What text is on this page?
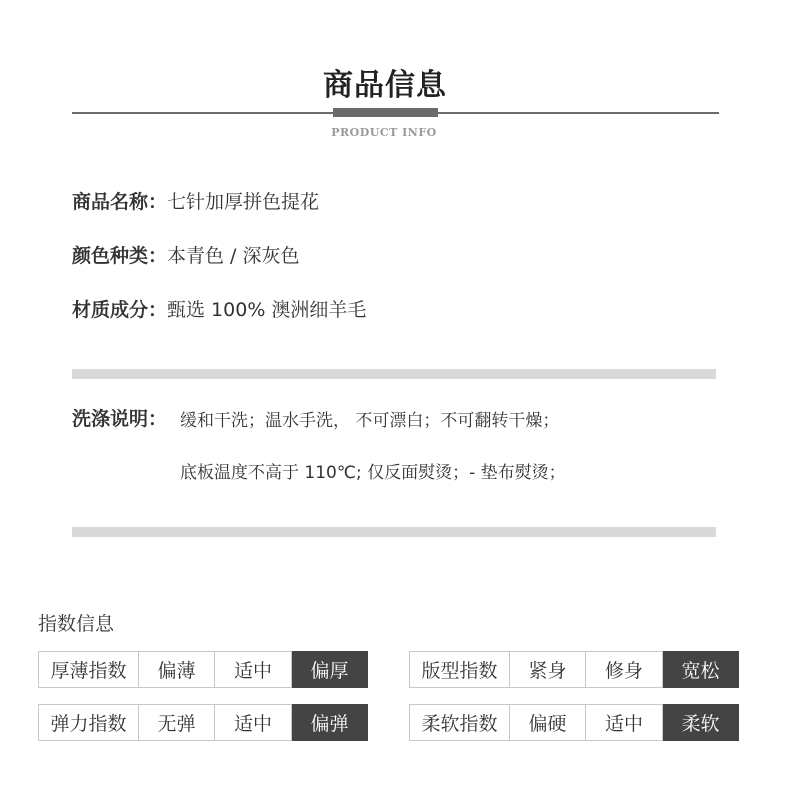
商品信息
PRODUCT INFO
商品名称：七针加厚拼色提花
颜色种类：本青色 / 深灰色
材质成分：甄选 100% 澳洲细羊毛
洗涤说明： 缓和干洗；温水手洗， 不可漂白；不可翻转干燥；
底板温度不高于 110℃; 仅反面熨烫；- 垫布熨烫；
指数信息
厚薄指数	偏薄	适中	偏厚	版型指数	紧身	修身	宽松
弹力指数	无弹	适中	偏弹	柔软指数	偏硬	适中	柔软
